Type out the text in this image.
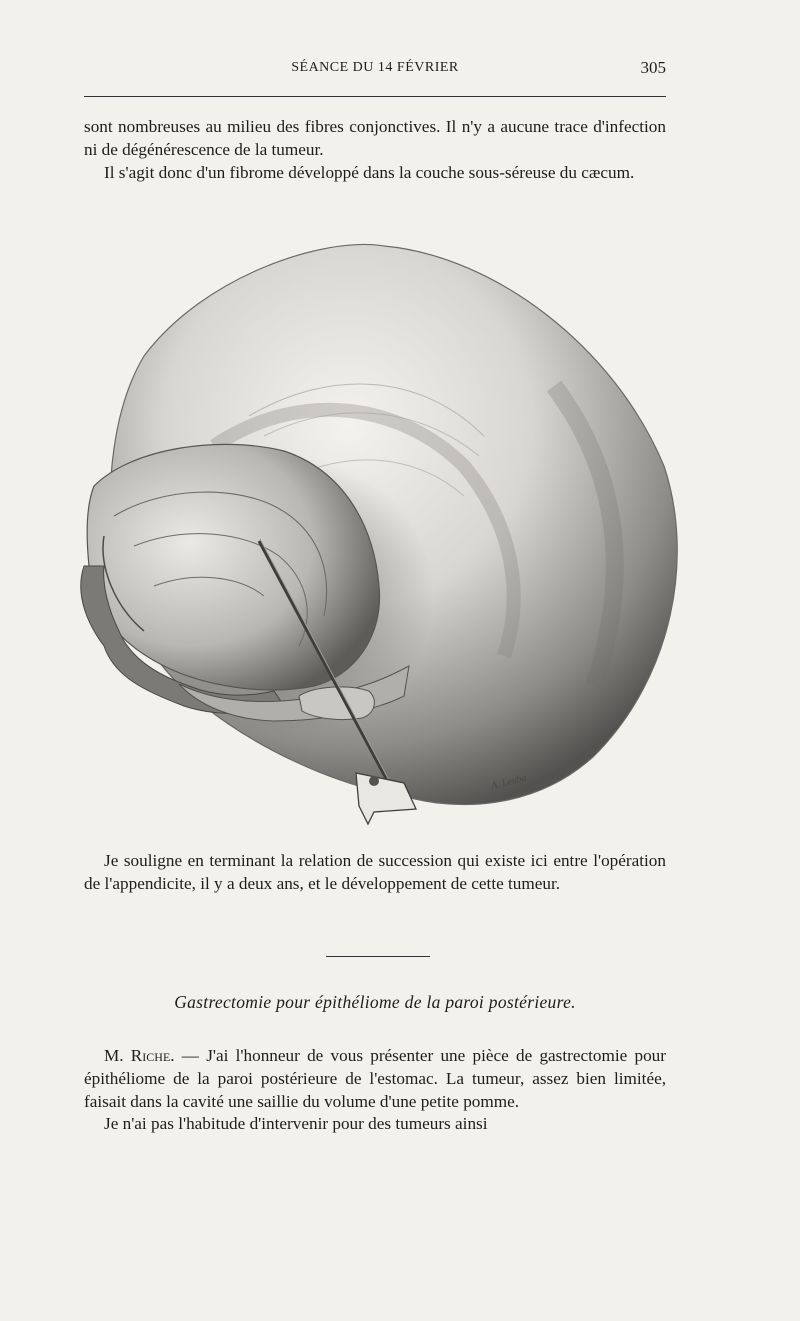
SÉANCE DU 14 FÉVRIER	305

sont nombreuses au milieu des fibres conjonctives. Il n'y a aucune trace d'infection ni de dégénérescence de la tumeur.

Il s'agit donc d'un fibrome développé dans la couche sous-séreuse du cæcum.

A. Leuba

Je souligne en terminant la relation de succession qui existe ici entre l'opération de l'appendicite, il y a deux ans, et le développement de cette tumeur.

Gastrectomie pour épithéliome de la paroi postérieure.

M. Riche. — J'ai l'honneur de vous présenter une pièce de gastrectomie pour épithéliome de la paroi postérieure de l'estomac. La tumeur, assez bien limitée, faisait dans la cavité une saillie du volume d'une petite pomme.

Je n'ai pas l'habitude d'intervenir pour des tumeurs ainsi
